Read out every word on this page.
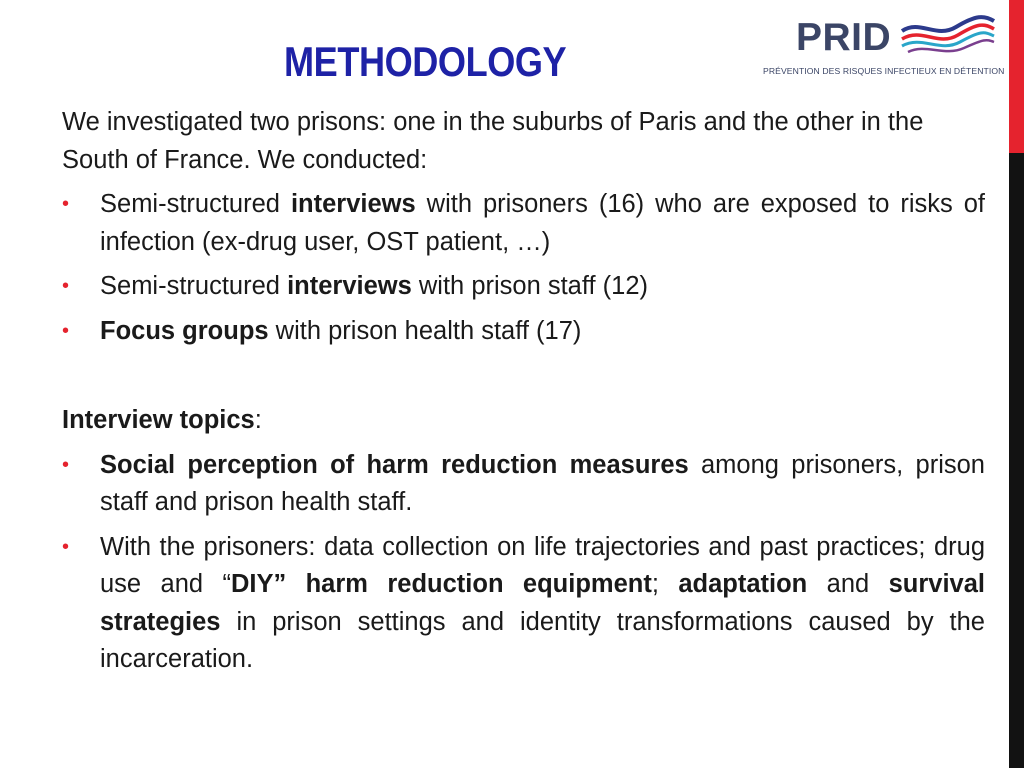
METHODOLOGY
PRID
PRÉVENTION DES RISQUES INFECTIEUX EN DÉTENTION

We investigated two prisons: one in the suburbs of Paris and the other in the South of France. We conducted:

• Semi-structured interviews with prisoners (16) who are exposed to risks of infection (ex-drug user, OST patient, …)
• Semi-structured interviews with prison staff (12)
• Focus groups with prison health staff (17)

Interview topics:

• Social perception of harm reduction measures among prisoners, prison staff and prison health staff.
• With the prisoners: data collection on life trajectories and past practices; drug use and “DIY” harm reduction equipment; adaptation and survival strategies in prison settings and identity transformations caused by the incarceration.
